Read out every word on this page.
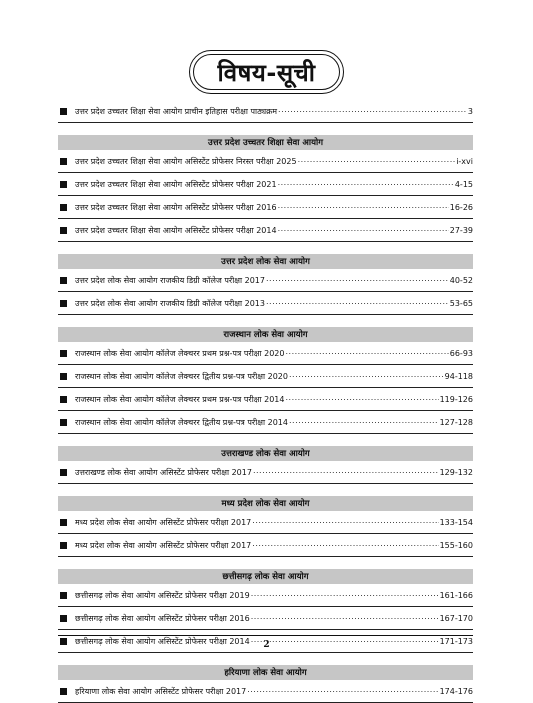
विषय-सूची
उत्तर प्रदेश उच्चतर शिक्षा सेवा आयोग प्राचीन इतिहास परीक्षा पाठ्यक्रम .....	3
उत्तर प्रदेश उच्चतर शिक्षा सेवा आयोग
उत्तर प्रदेश उच्चतर शिक्षा सेवा आयोग असिस्टेंट प्रोफेसर निरस्त परीक्षा 2025 .....	i-xvi
उत्तर प्रदेश उच्चतर शिक्षा सेवा आयोग असिस्टेंट प्रोफेसर परीक्षा 2021 .....	4-15
उत्तर प्रदेश उच्चतर शिक्षा सेवा आयोग असिस्टेंट प्रोफेसर परीक्षा 2016 .....	16-26
उत्तर प्रदेश उच्चतर शिक्षा सेवा आयोग असिस्टेंट प्रोफेसर परीक्षा 2014 .....	27-39
उत्तर प्रदेश लोक सेवा आयोग
उत्तर प्रदेश लोक सेवा आयोग राजकीय डिग्री कॉलेज परीक्षा 2017 .....	40-52
उत्तर प्रदेश लोक सेवा आयोग राजकीय डिग्री कॉलेज परीक्षा 2013 .....	53-65
राजस्थान लोक सेवा आयोग
राजस्थान लोक सेवा आयोग कॉलेज लेक्चरर प्रथम प्रश्न-पत्र परीक्षा 2020 .....	66-93
राजस्थान लोक सेवा आयोग कॉलेज लेक्चरर द्वितीय प्रश्न-पत्र परीक्षा 2020 .....	94-118
राजस्थान लोक सेवा आयोग कॉलेज लेक्चरर प्रथम प्रश्न-पत्र परीक्षा 2014 .....	119-126
राजस्थान लोक सेवा आयोग कॉलेज लेक्चरर द्वितीय प्रश्न-पत्र परीक्षा 2014 .....	127-128
उत्तराखण्ड लोक सेवा आयोग
उत्तराखण्ड लोक सेवा आयोग असिस्टेंट प्रोफेसर परीक्षा 2017 .....	129-132
मध्य प्रदेश लोक सेवा आयोग
मध्य प्रदेश लोक सेवा आयोग असिस्टेंट प्रोफेसर परीक्षा 2017 .....	133-154
मध्य प्रदेश लोक सेवा आयोग असिस्टेंट प्रोफेसर परीक्षा 2017 .....	155-160
छत्तीसगढ़ लोक सेवा आयोग
छत्तीसगढ़ लोक सेवा आयोग असिस्टेंट प्रोफेसर परीक्षा 2019 .....	161-166
छत्तीसगढ़ लोक सेवा आयोग असिस्टेंट प्रोफेसर परीक्षा 2016 .....	167-170
छत्तीसगढ़ लोक सेवा आयोग असिस्टेंट प्रोफेसर परीक्षा 2014 .....	171-173
हरियाणा लोक सेवा आयोग
हरियाणा लोक सेवा आयोग असिस्टेंट प्रोफेसर परीक्षा 2017 .....	174-176
2
